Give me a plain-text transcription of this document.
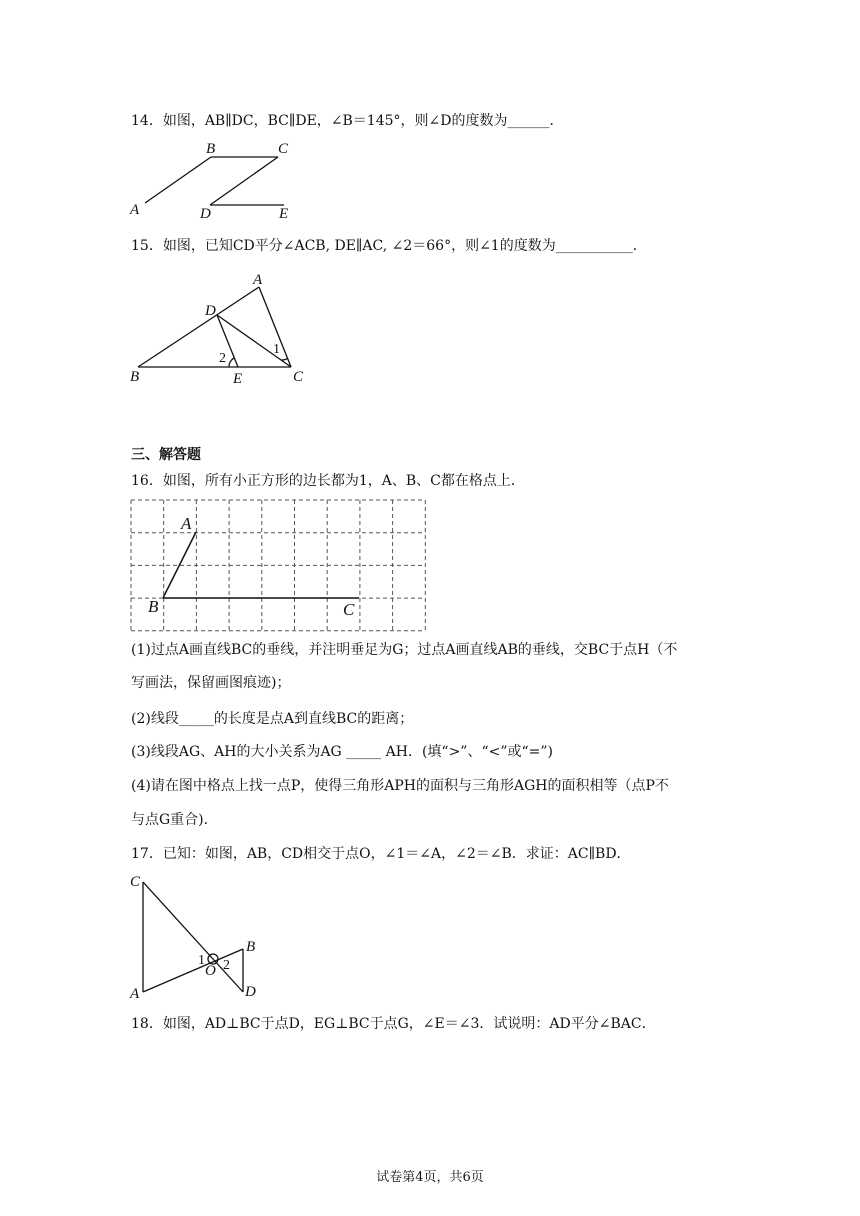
14．如图，AB∥DC，BC∥DE，∠B＝145°，则∠D的度数为______．
A
B	C
D	E
15．如图，已知CD平分∠ACB, DE∥AC, ∠2＝66°，则∠1的度数为___________．
B
A
D
E	C
2
1
三、解答题
16．如图，所有小正方形的边长都为1，A、B、C都在格点上．
A
B	C
(1)过点A画直线BC的垂线，并注明垂足为G；过点A画直线AB的垂线，交BC于点H（不
写画法，保留画图痕迹)；
(2)线段_____的长度是点A到直线BC的距离；
(3)线段AG、AH的大小关系为AG _____ AH．(填“>”、“<”或“=”)
(4)请在图中格点上找一点P，使得三角形APH的面积与三角形AGH的面积相等（点P不
与点G重合)．
17．已知：如图，AB，CD相交于点O，∠1＝∠A，∠2＝∠B．求证：AC∥BD．
C
A
B
D
O
1 2
18．如图，AD⊥BC于点D，EG⊥BC于点G，∠E＝∠3．试说明：AD平分∠BAC．
试卷第4页，共6页
